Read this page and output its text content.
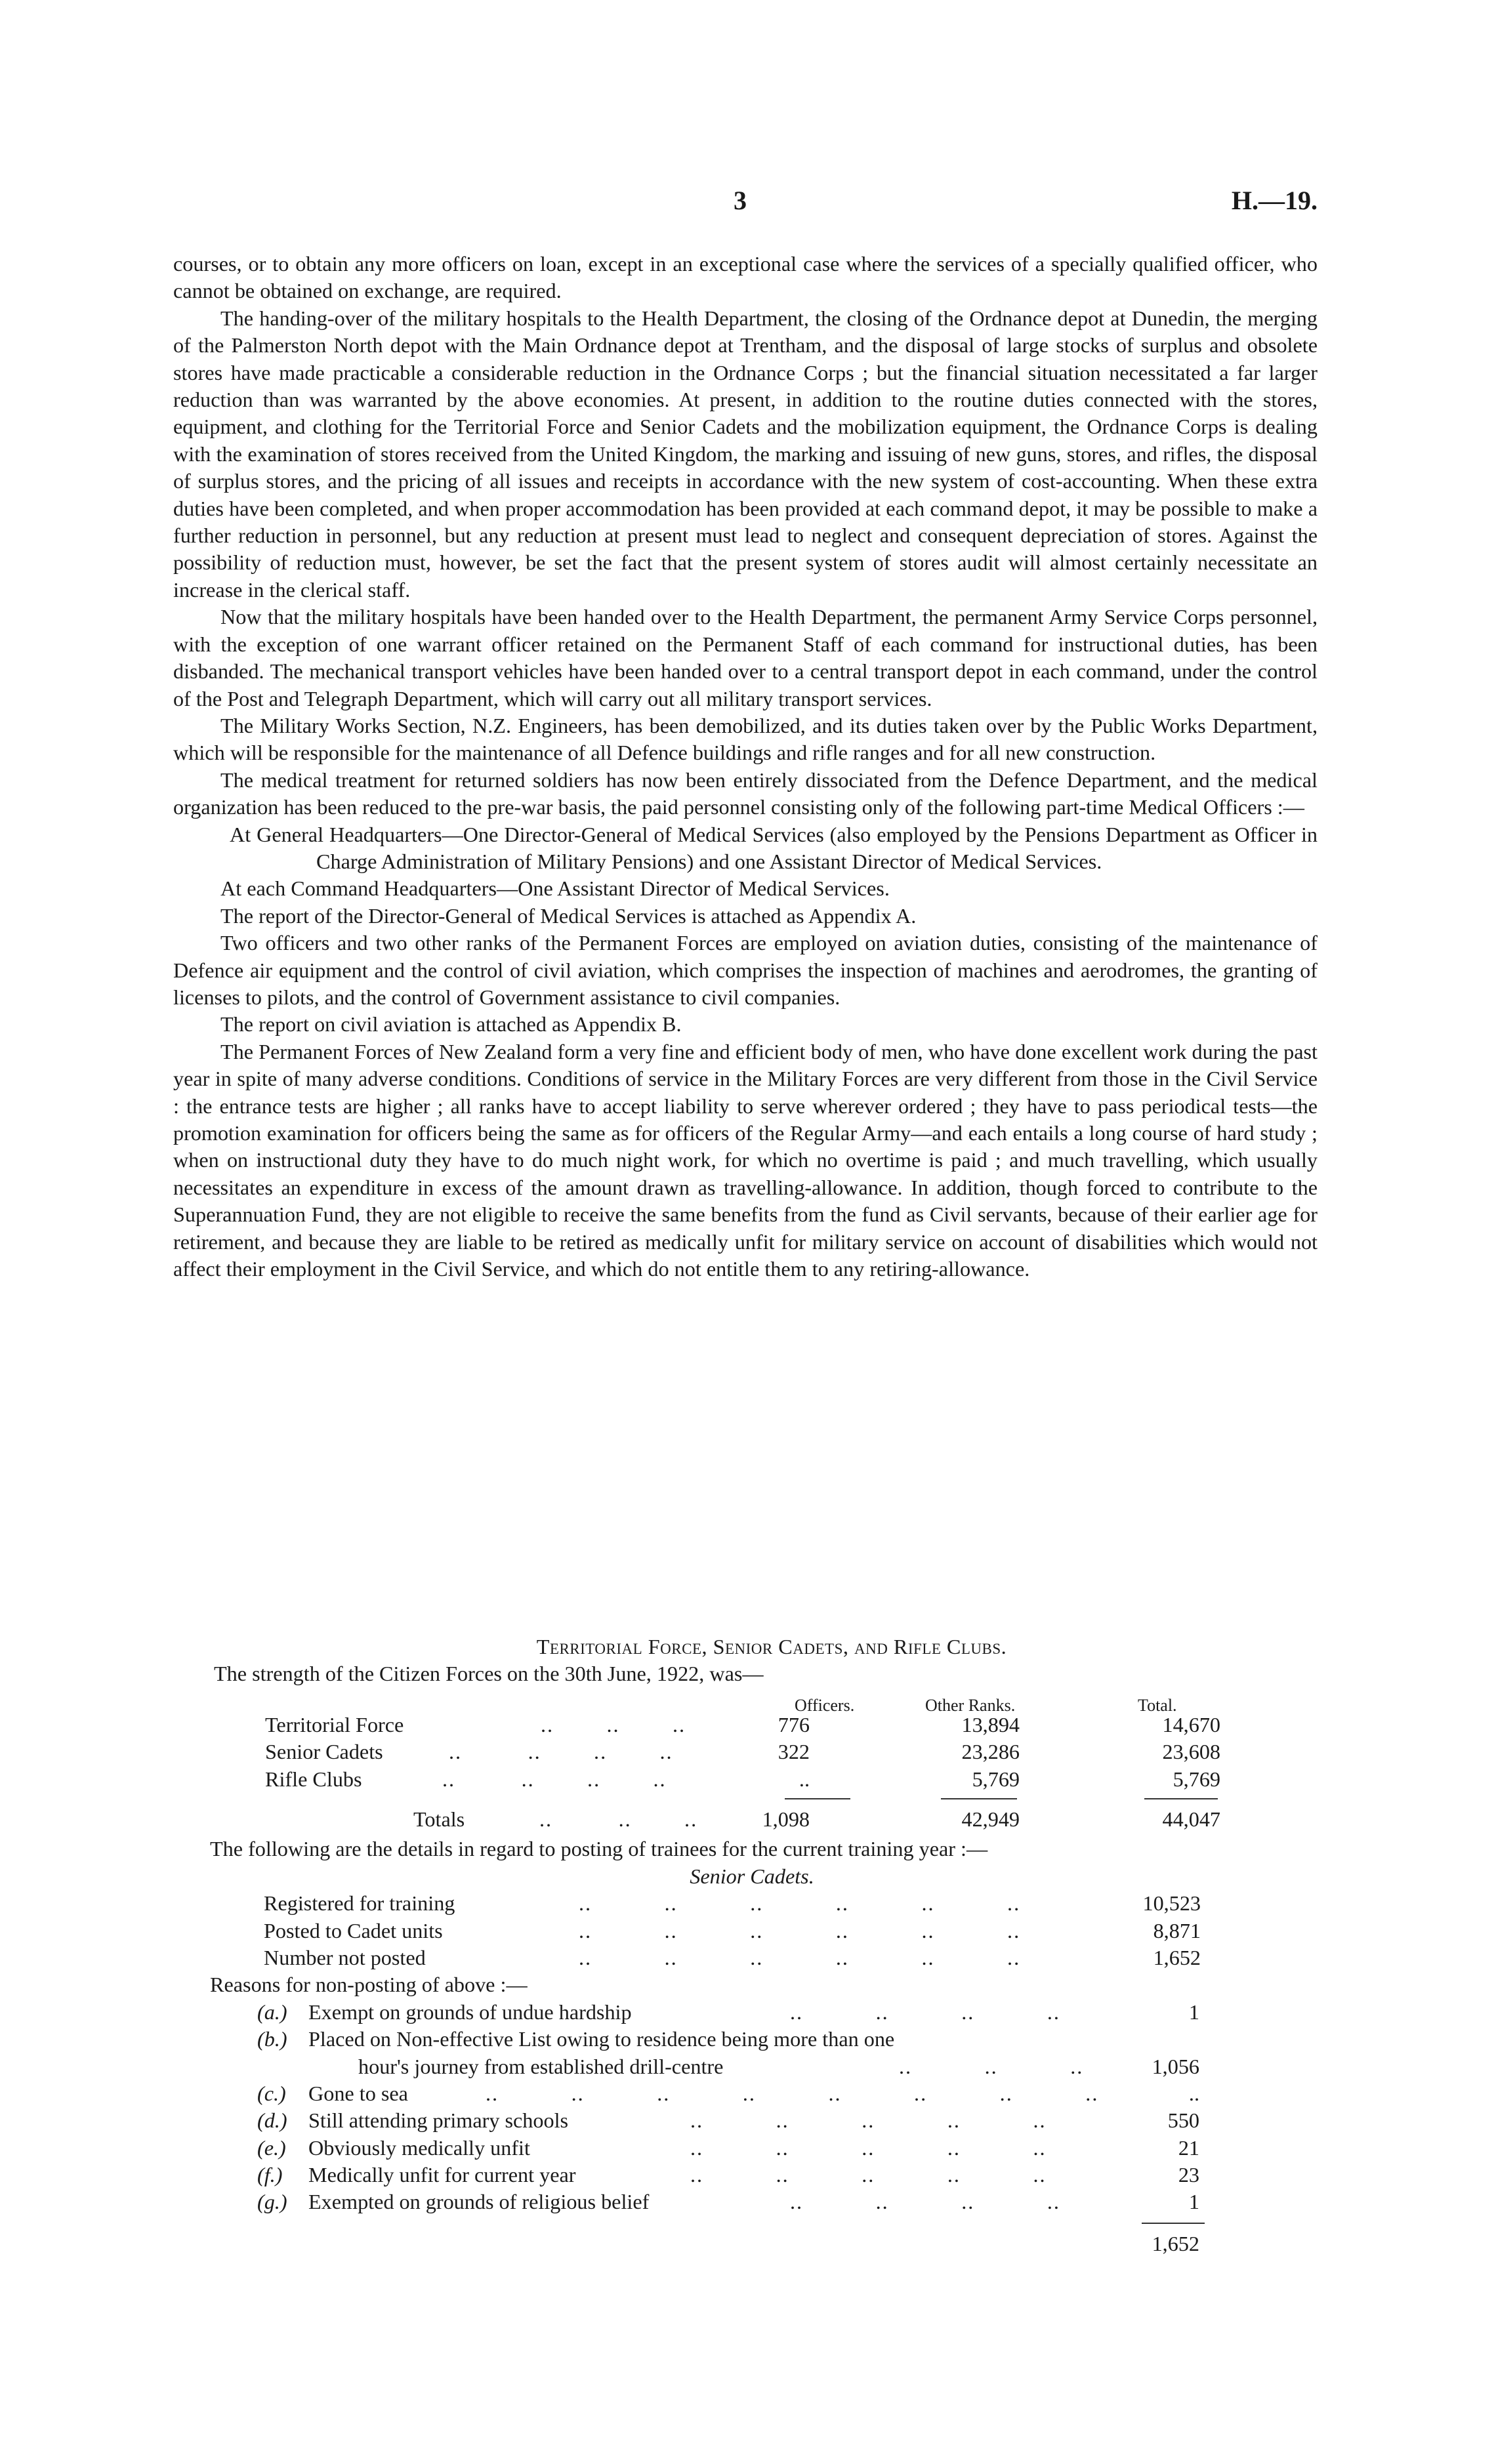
3	H.—19.

courses, or to obtain any more officers on loan, except in an exceptional case where the services of a specially qualified officer, who cannot be obtained on exchange, are required.

The handing-over of the military hospitals to the Health Department, the closing of the Ordnance depot at Dunedin, the merging of the Palmerston North depot with the Main Ordnance depot at Trentham, and the disposal of large stocks of surplus and obsolete stores have made practicable a considerable reduction in the Ordnance Corps ; but the financial situation necessitated a far larger reduction than was warranted by the above economies. At present, in addition to the routine duties connected with the stores, equipment, and clothing for the Territorial Force and Senior Cadets and the mobilization equipment, the Ordnance Corps is dealing with the examination of stores received from the United Kingdom, the marking and issuing of new guns, stores, and rifles, the disposal of surplus stores, and the pricing of all issues and receipts in accordance with the new system of cost-accounting. When these extra duties have been completed, and when proper accommodation has been provided at each command depot, it may be possible to make a further reduction in personnel, but any reduction at present must lead to neglect and consequent depreciation of stores. Against the possibility of reduction must, however, be set the fact that the present system of stores audit will almost certainly necessitate an increase in the clerical staff.

Now that the military hospitals have been handed over to the Health Department, the permanent Army Service Corps personnel, with the exception of one warrant officer retained on the Permanent Staff of each command for instructional duties, has been disbanded. The mechanical transport vehicles have been handed over to a central transport depot in each command, under the control of the Post and Telegraph Department, which will carry out all military transport services.

The Military Works Section, N.Z. Engineers, has been demobilized, and its duties taken over by the Public Works Department, which will be responsible for the maintenance of all Defence buildings and rifle ranges and for all new construction.

The medical treatment for returned soldiers has now been entirely dissociated from the Defence Department, and the medical organization has been reduced to the pre-war basis, the paid personnel consisting only of the following part-time Medical Officers :—

At General Headquarters—One Director-General of Medical Services (also employed by the Pensions Department as Officer in Charge Administration of Military Pensions) and one Assistant Director of Medical Services.

At each Command Headquarters—One Assistant Director of Medical Services.

The report of the Director-General of Medical Services is attached as Appendix A.

Two officers and two other ranks of the Permanent Forces are employed on aviation duties, consisting of the maintenance of Defence air equipment and the control of civil aviation, which comprises the inspection of machines and aerodromes, the granting of licenses to pilots, and the control of Government assistance to civil companies.

The report on civil aviation is attached as Appendix B.

The Permanent Forces of New Zealand form a very fine and efficient body of men, who have done excellent work during the past year in spite of many adverse conditions. Conditions of service in the Military Forces are very different from those in the Civil Service : the entrance tests are higher ; all ranks have to accept liability to serve wherever ordered ; they have to pass periodical tests—the promotion examination for officers being the same as for officers of the Regular Army—and each entails a long course of hard study ; when on instructional duty they have to do much night work, for which no overtime is paid ; and much travelling, which usually necessitates an expenditure in excess of the amount drawn as travelling-allowance. In addition, though forced to contribute to the Superannuation Fund, they are not eligible to receive the same benefits from the fund as Civil servants, because of their earlier age for retirement, and because they are liable to be retired as medically unfit for military service on account of disabilities which would not affect their employment in the Civil Service, and which do not entitle them to any retiring-allowance.

Territorial Force, Senior Cadets, and Rifle Clubs.
The strength of the Citizen Forces on the 30th June, 1922, was—
Officers.	Other Ranks.	Total.
Territorial Force	..        ..        ..	776	13,894	14,670
Senior Cadets	..          ..        ..        ..	322	23,286	23,608
Rifle Clubs	..          ..        ..        ..	..	5,769	5,769
Totals	..          ..        ..	1,098	42,949	44,047
The following are the details in regard to posting of trainees for the current training year :—
Senior Cadets.
Registered for training	..           ..           ..           ..           ..           ..	10,523
Posted to Cadet units	..           ..           ..           ..           ..           ..	8,871
Number not posted	..           ..           ..           ..           ..           ..	1,652
Reasons for non-posting of above :—
(a.) Exempt on grounds of undue hardship	..           ..           ..           ..	1
(b.) Placed on Non-effective List owing to residence being more than one
hour's journey from established drill-centre	..           ..           ..	1,056
(c.) Gone to sea	..           ..           ..           ..           ..           ..           ..           ..	..
(d.) Still attending primary schools	..           ..           ..           ..           ..	550
(e.) Obviously medically unfit	..           ..           ..           ..           ..	21
(f.) Medically unfit for current year	..           ..           ..           ..           ..	23
(g.) Exempted on grounds of religious belief	..           ..           ..           ..	1
1,652
